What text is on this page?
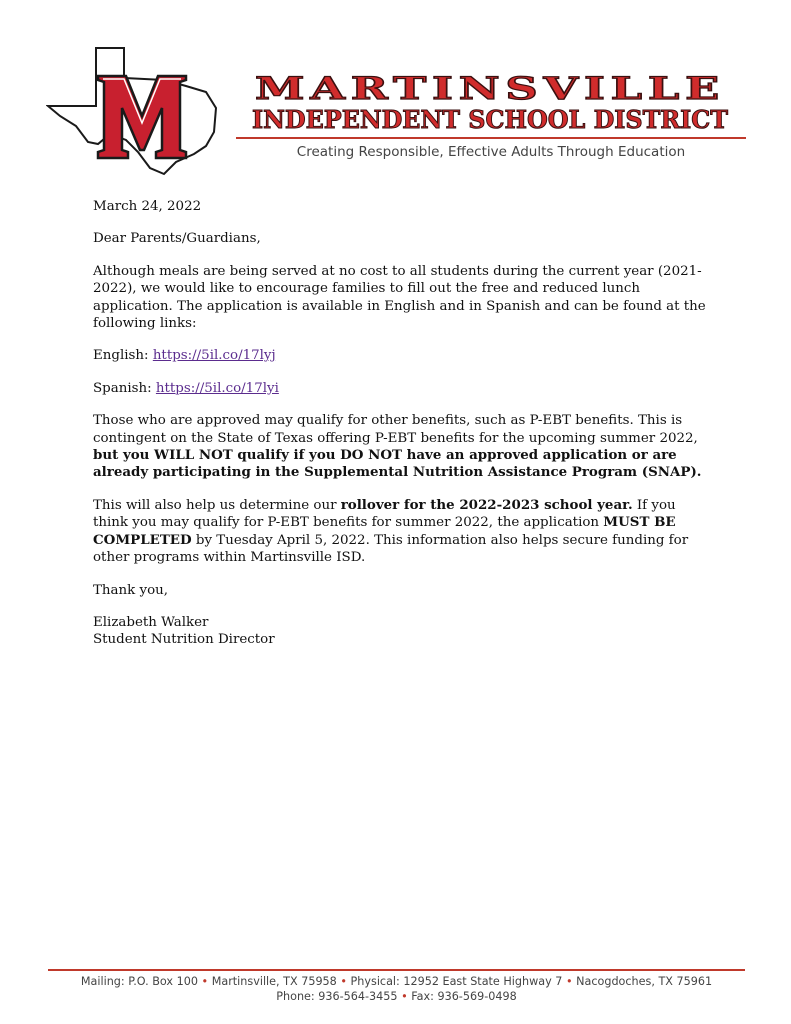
MARTINSVILLE
INDEPENDENT SCHOOL DISTRICT
Creating Responsible, Effective Adults Through Education

March 24, 2022

Dear Parents/Guardians,

Although meals are being served at no cost to all students during the current year (2021-2022), we would like to encourage families to fill out the free and reduced lunch application. The application is available in English and in Spanish and can be found at the following links:

English: https://5il.co/17lyj

Spanish: https://5il.co/17lyi

Those who are approved may qualify for other benefits, such as P-EBT benefits. This is contingent on the State of Texas offering P-EBT benefits for the upcoming summer 2022, but you WILL NOT qualify if you DO NOT have an approved application or are already participating in the Supplemental Nutrition Assistance Program (SNAP).

This will also help us determine our rollover for the 2022-2023 school year. If you think you may qualify for P-EBT benefits for summer 2022, the application MUST BE COMPLETED by Tuesday April 5, 2022. This information also helps secure funding for other programs within Martinsville ISD.

Thank you,

Elizabeth Walker

Student Nutrition Director

Mailing: P.O. Box 100 • Martinsville, TX 75958 • Physical: 12952 East State Highway 7 • Nacogdoches, TX 75961
Phone: 936-564-3455 • Fax: 936-569-0498
